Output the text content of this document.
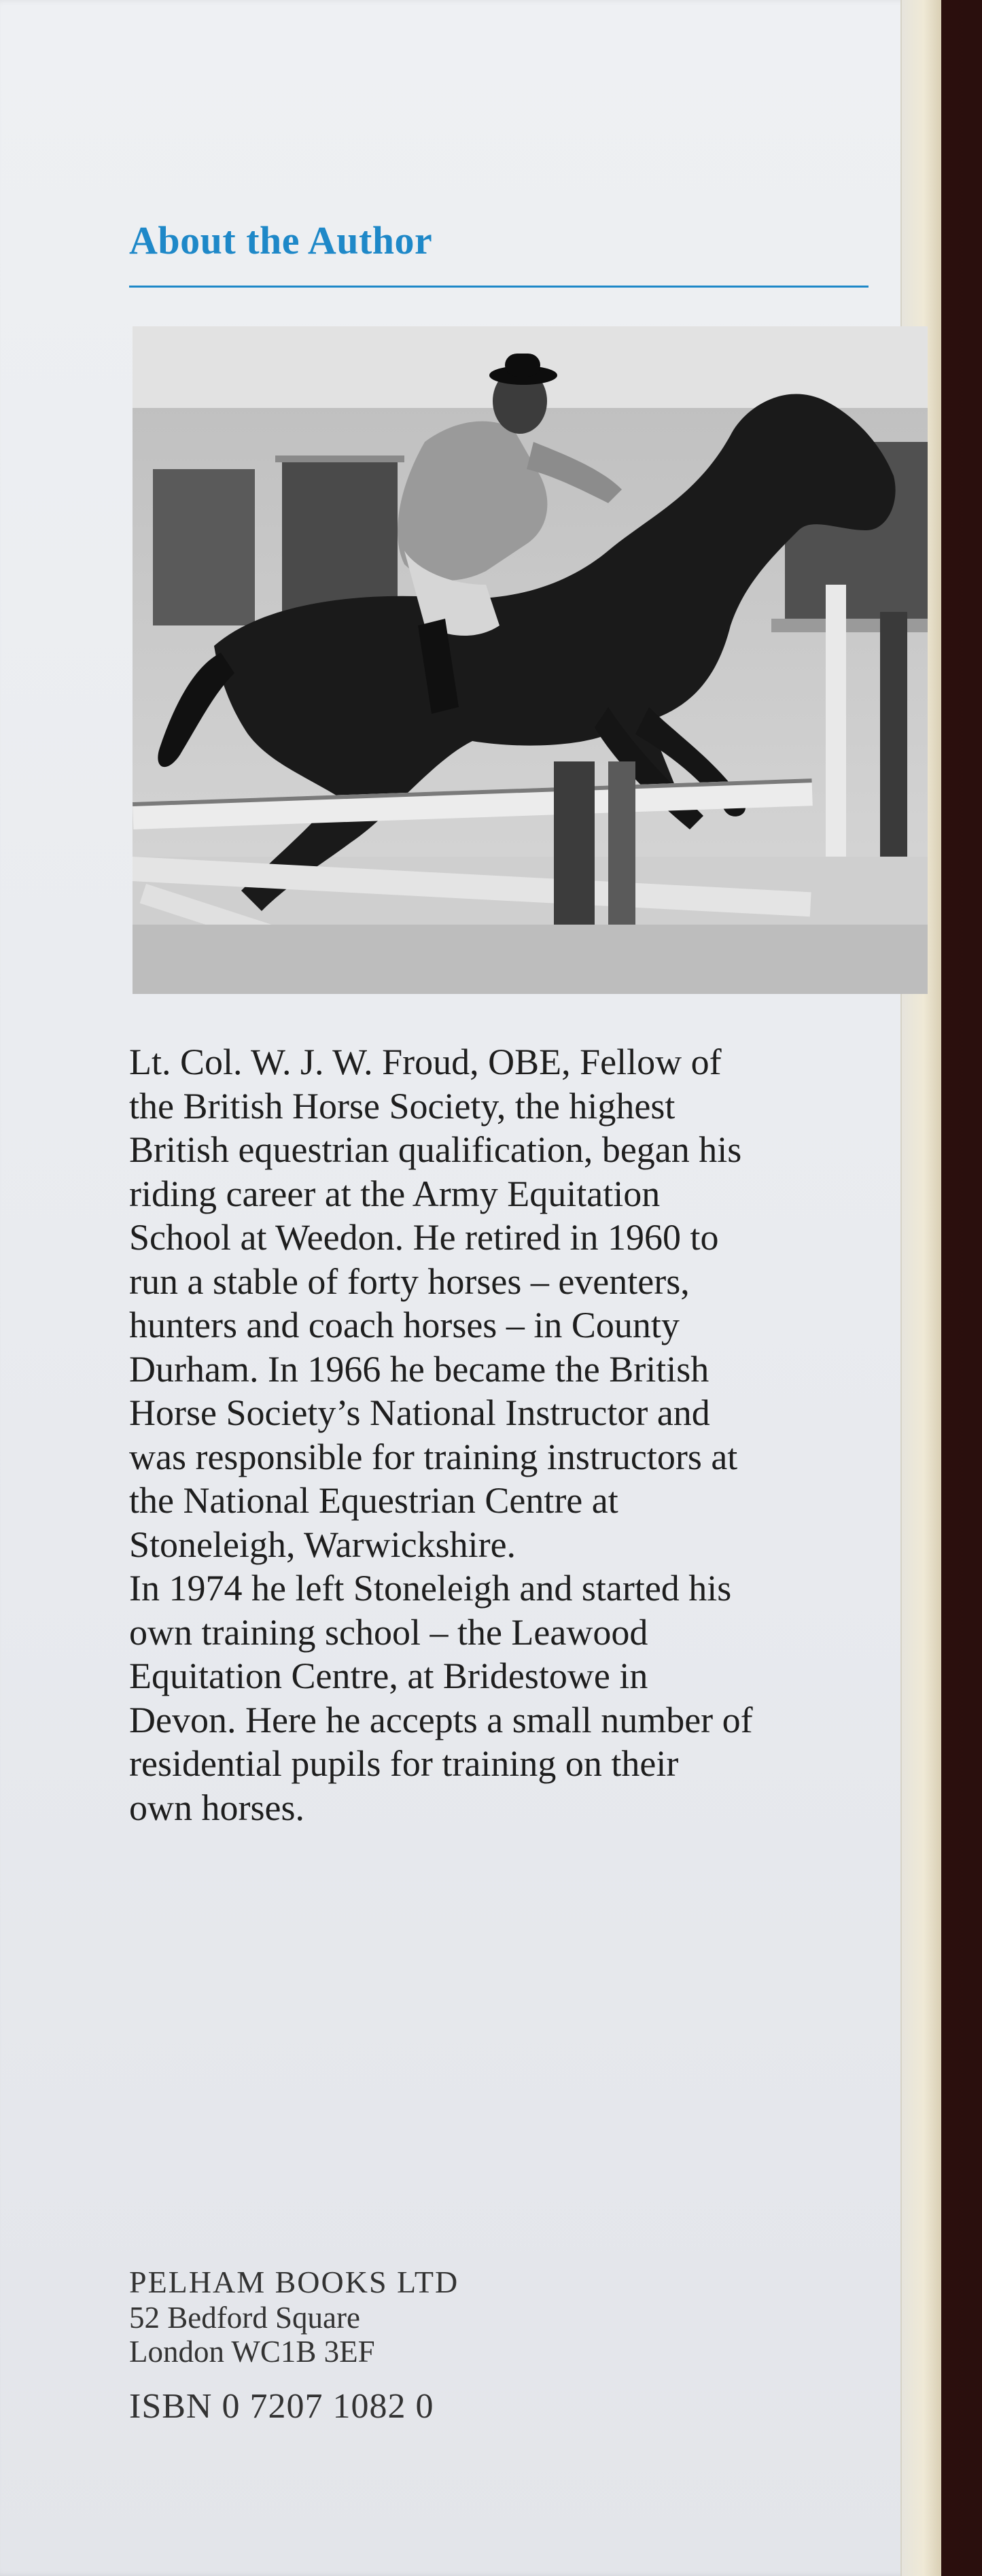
About the Author

Lt. Col. W. J. W. Froud, OBE, Fellow of
the British Horse Society, the highest
British equestrian qualification, began his
riding career at the Army Equitation
School at Weedon. He retired in 1960 to
run a stable of forty horses – eventers,
hunters and coach horses – in County
Durham. In 1966 he became the British
Horse Society’s National Instructor and
was responsible for training instructors at
the National Equestrian Centre at
Stoneleigh, Warwickshire.

In 1974 he left Stoneleigh and started his
own training school – the Leawood
Equitation Centre, at Bridestowe in
Devon. Here he accepts a small number of
residential pupils for training on their
own horses.

PELHAM BOOKS LTD
52 Bedford Square
London WC1B 3EF
ISBN 0 7207 1082 0
